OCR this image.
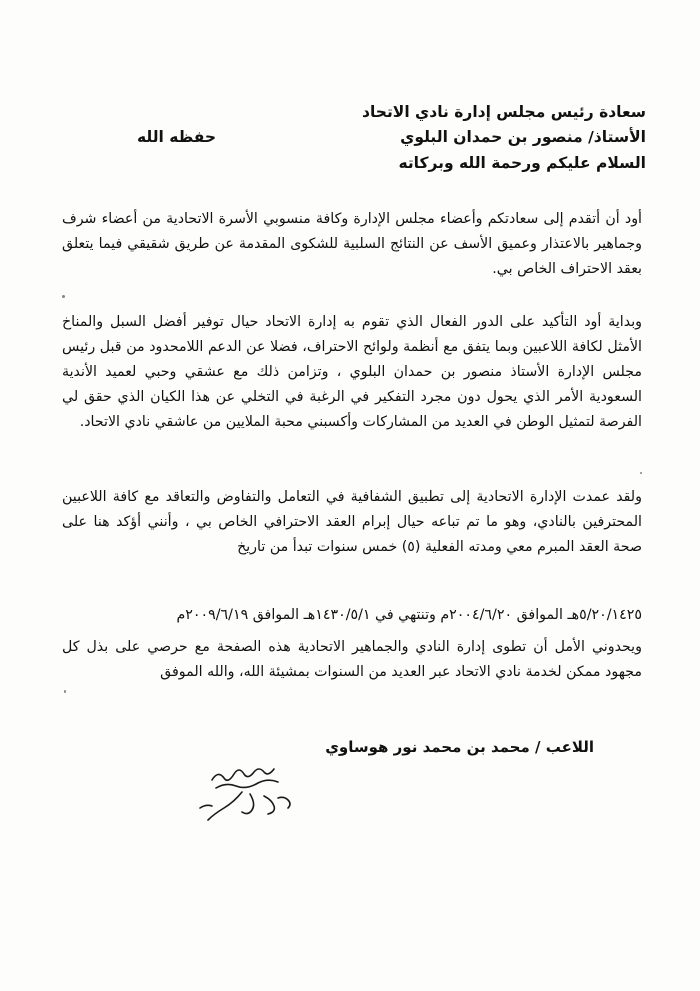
سعادة رئيس مجلس إدارة نادي الاتحاد
الأستاذ/ منصور بن حمدان البلوي
حفظه الله
السلام عليكم ورحمة الله وبركاته
أود أن أتقدم إلى سعادتكم وأعضاء مجلس الإدارة وكافة منسوبي الأسرة الاتحادية من أعضاء شرف وجماهير بالاعتذار وعميق الأسف عن النتائج السلبية للشكوى المقدمة عن طريق شقيقي فيما يتعلق بعقد الاحتراف الخاص بي.
وبداية أود التأكيد على الدور الفعال الذي تقوم به إدارة الاتحاد حيال توفير أفضل السبل والمناخ الأمثل لكافة اللاعبين وبما يتفق مع أنظمة ولوائح الاحتراف، فضلا عن الدعم اللامحدود من قبل رئيس مجلس الإدارة الأستاذ منصور بن حمدان البلوي ، وتزامن ذلك مع عشقي وحبي لعميد الأندية السعودية الأمر الذي يحول دون مجرد التفكير في الرغبة في التخلي عن هذا الكيان الذي حقق لي الفرصة لتمثيل الوطن في العديد من المشاركات وأكسبني محبة الملايين من عاشقي نادي الاتحاد.
ولقد عمدت الإدارة الاتحادية إلى تطبيق الشفافية في التعامل والتفاوض والتعاقد مع كافة اللاعبين المحترفين بالنادي، وهو ما تم تباعه حيال إبرام العقد الاحترافي الخاص بي ، وأنني أؤكد هنا على صحة العقد المبرم معي ومدته الفعلية (٥) خمس سنوات تبدأ من تاريخ
٥/٢٠/١٤٢٥هـ الموافق ٢٠٠٤/٦/٢٠م وتنتهي في ١٤٣٠/٥/١هـ الموافق ٢٠٠٩/٦/١٩م
ويحدوني الأمل أن تطوى إدارة النادي والجماهير الاتحادية هذه الصفحة مع حرصي على بذل كل مجهود ممكن لخدمة نادي الاتحاد عبر العديد من السنوات بمشيئة الله، والله الموفق
اللاعب / محمد بن محمد نور هوساوي
